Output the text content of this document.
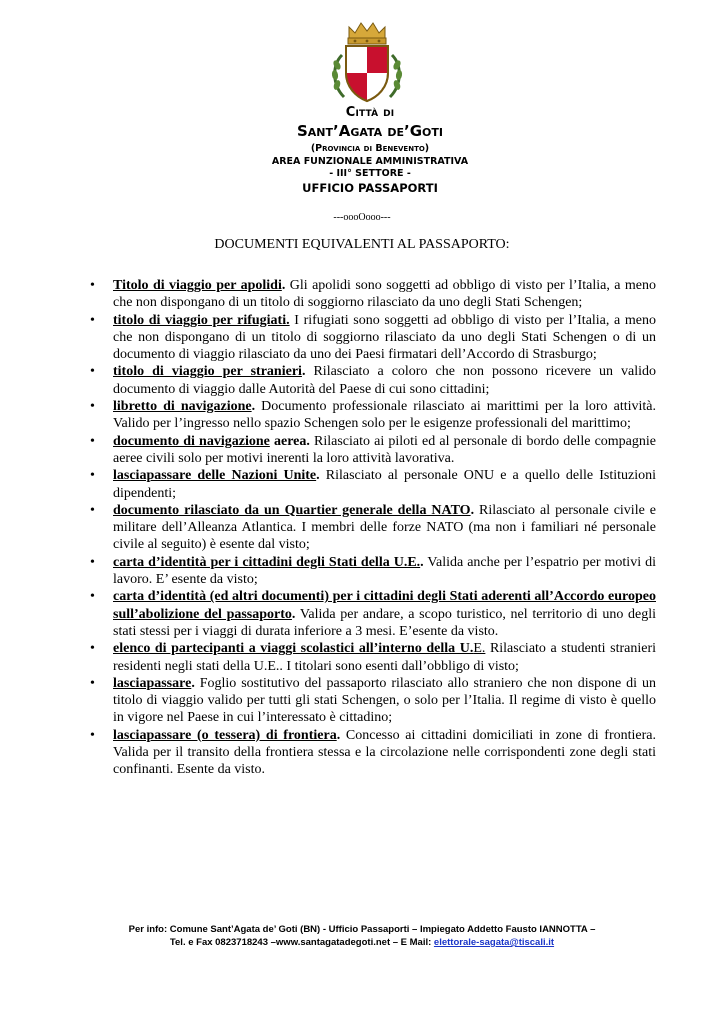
Città di
Sant’Agata de’Goti
(Provincia di Benevento)
AREA FUNZIONALE AMMINISTRATIVA
- III° SETTORE -
UFFICIO PASSAPORTI
---oooOooo---
DOCUMENTI EQUIVALENTI AL PASSAPORTO:
• Titolo di viaggio per apolidi. Gli apolidi sono soggetti ad obbligo di visto per l’Italia, a meno che non dispongano di un titolo di soggiorno rilasciato da uno degli Stati Schengen;
• titolo di viaggio per rifugiati. I rifugiati sono soggetti ad obbligo di visto per l’Italia, a meno che non dispongano di un titolo di soggiorno rilasciato da uno degli Stati Schengen o di un documento di viaggio rilasciato da uno dei Paesi firmatari dell’Accordo di Strasburgo;
• titolo di viaggio per stranieri. Rilasciato a coloro che non possono ricevere un valido documento di viaggio dalle Autorità del Paese di cui sono cittadini;
• libretto di navigazione. Documento professionale rilasciato ai marittimi per la loro attività. Valido per l’ingresso nello spazio Schengen solo per le esigenze professionali del marittimo;
• documento di navigazione aerea. Rilasciato ai piloti ed al personale di bordo delle compagnie aeree civili solo per motivi inerenti la loro attività lavorativa.
• lasciapassare delle Nazioni Unite. Rilasciato al personale ONU e a quello delle Istituzioni dipendenti;
• documento rilasciato da un Quartier generale della NATO. Rilasciato al personale civile e militare dell’Alleanza Atlantica. I membri delle forze NATO (ma non i familiari né personale civile al seguito) è esente dal visto;
• carta d’identità per i cittadini degli Stati della U.E.. Valida anche per l’espatrio per motivi di lavoro. E’ esente da visto;
• carta d’identità (ed altri documenti) per i cittadini degli Stati aderenti all’Accordo europeo sull’abolizione del passaporto. Valida per andare, a scopo turistico, nel territorio di uno degli stati stessi per i viaggi di durata inferiore a 3 mesi. E’esente da visto.
• elenco di partecipanti a viaggi scolastici all’interno della U.E. Rilasciato a studenti stranieri residenti negli stati della U.E.. I titolari sono esenti dall’obbligo di visto;
• lasciapassare. Foglio sostitutivo del passaporto rilasciato allo straniero che non dispone di un titolo di viaggio valido per tutti gli stati Schengen, o solo per l’Italia. Il regime di visto è quello in vigore nel Paese in cui l’interessato è cittadino;
• lasciapassare (o tessera) di frontiera. Concesso ai cittadini domiciliati in zone di frontiera. Valida per il transito della frontiera stessa e la circolazione nelle corrispondenti zone degli stati confinanti. Esente da visto.
Per info: Comune Sant’Agata de’ Goti (BN) - Ufficio Passaporti – Impiegato Addetto Fausto IANNOTTA –
Tel. e Fax 0823718243 –www.santagatadegoti.net – E Mail: elettorale-sagata@tiscali.it
